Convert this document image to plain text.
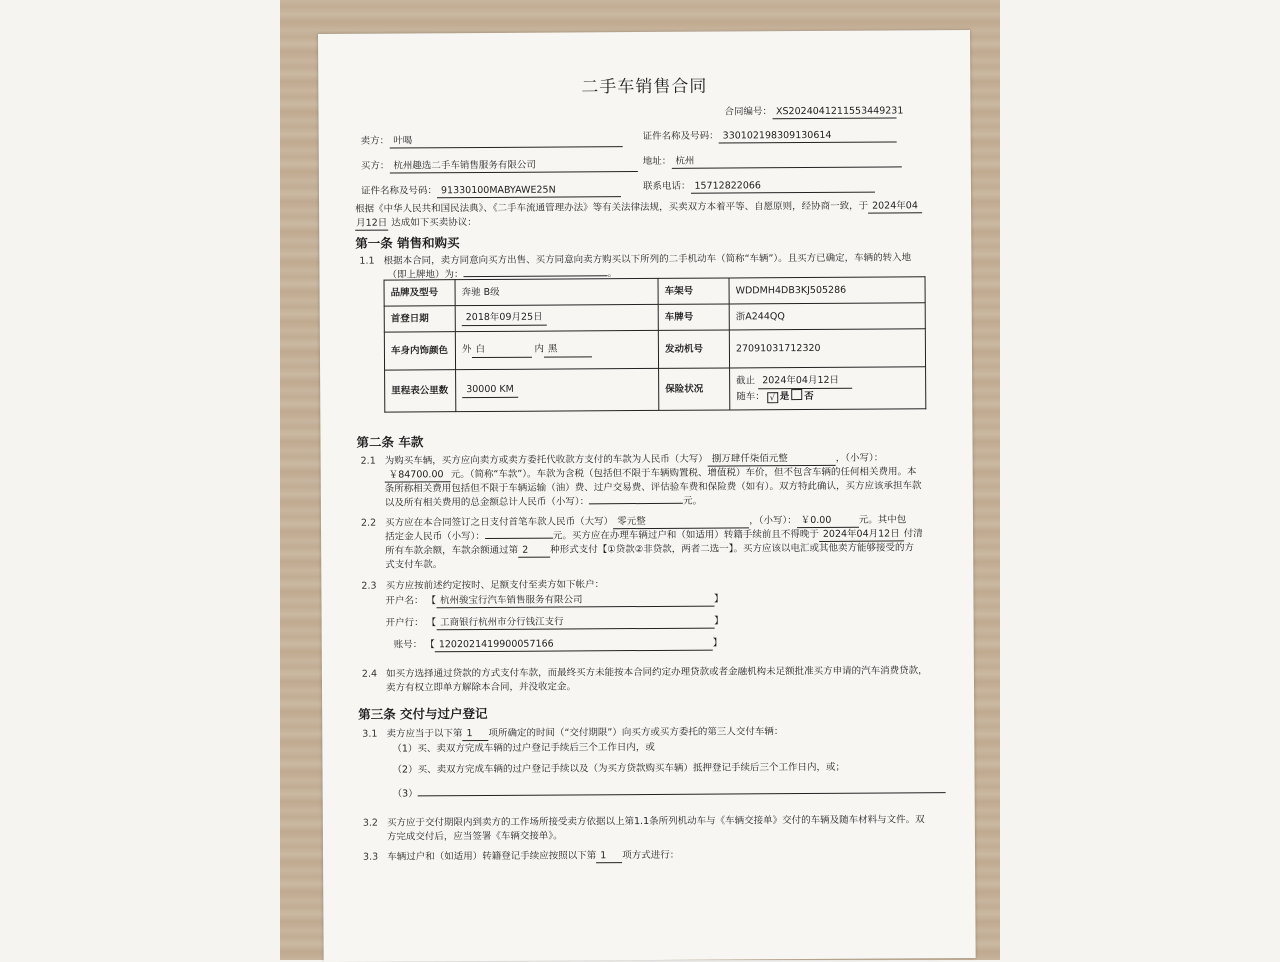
二手车销售合同
合同编号： XS2024041211553449231
卖方： 叶喝	证件名称及号码： 330102198309130614
买方： 杭州趣选二手车销售服务有限公司	地址： 杭州
证件名称及号码： 91330100MABYAWE25N	联系电话： 15712822066
根据《中华人民共和国民法典》、《二手车流通管理办法》等有关法律法规，买卖双方本着平等、自愿原则，经协商一致，于 2024年04
月12日 达成如下买卖协议：
第一条 销售和购买
1.1 根据本合同，卖方同意向买方出售、买方同意向卖方购买以下所列的二手机动车（简称“车辆”）。且买方已确定，车辆的转入地
（即上牌地）为：	。
品牌及型号	奔驰 B级	车架号	WDDMH4DB3KJ505286
首登日期	2018年09月25日	车牌号	浙A244QQ
车身内饰颜色	外 白 内 黑	发动机号	27091031712320
里程表公里数	30000 KM	保险状况	截止 2024年04月12日
随车： √ 是 否
第二条 车款
2.1 为购买车辆，买方应向卖方或卖方委托代收款方支付的车款为人民币（大写） 捌万肆仟柒佰元整	，（小写）：
￥84700.00 元。（简称“车款”）。车款为含税（包括但不限于车辆购置税、增值税）车价，但不包含车辆的任何相关费用。本
条所称相关费用包括但不限于车辆运输（油）费、过户交易费、评估验车费和保险费（如有）。双方特此确认，买方应该承担车款
以及所有相关费用的总金额总计人民币（小写）：	元。
2.2 买方应在本合同签订之日支付首笔车款人民币（大写） 零元整	，（小写）： ￥0.00	元。其中包
括定金人民币（小写）：	元。买方应在办理车辆过户和（如适用）转籍手续前且不得晚于 2024年04月12日 付清
所有车款余额，车款余额通过第 2 种形式支付【①贷款②非贷款，两者二选一】。买方应该以电汇或其他卖方能够接受的方
式支付车款。
2.3 买方应按前述约定按时、足额支付至卖方如下帐户：
开户名： 【 杭州骏宝行汽车销售服务有限公司	】
开户行： 【 工商银行杭州市分行钱江支行	】
账号： 【 1202021419900057166	】
2.4 如买方选择通过贷款的方式支付车款，而最终买方未能按本合同约定办理贷款或者金融机构未足额批准买方申请的汽车消费贷款，
卖方有权立即单方解除本合同，并没收定金。
第三条 交付与过户登记
3.1 卖方应当于以下第 1 项所确定的时间（“交付期限”）向买方或买方委托的第三人交付车辆：
（1）买、卖双方完成车辆的过户登记手续后三个工作日内，或
（2）买、卖双方完成车辆的过户登记手续以及（为买方贷款购买车辆）抵押登记手续后三个工作日内，或；
（3）
3.2 买方应于交付期限内到卖方的工作场所接受卖方依据以上第1.1条所列机动车与《车辆交接单》交付的车辆及随车材料与文件。双
方完成交付后，应当签署《车辆交接单》。
3.3 车辆过户和（如适用）转籍登记手续应按照以下第 1 项方式进行：
